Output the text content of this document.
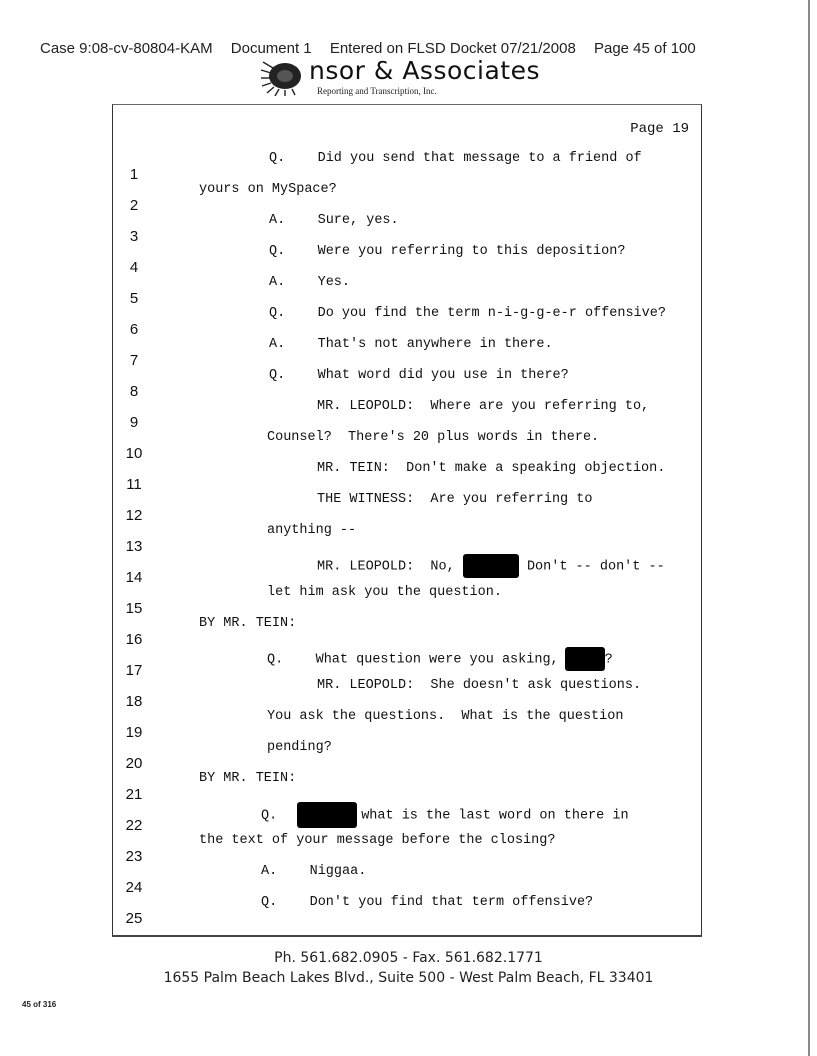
Case 9:08-cv-80804-KAM Document 1 Entered on FLSD Docket 07/21/2008 Page 45 of 100
nsor & Associates
Reporting and Transcription, Inc.
Page 19

1

Q.    Did you send that message to a friend of

2

yours on MySpace?

3

A.    Sure, yes.

4

Q.    Were you referring to this deposition?

5

A.    Yes.

6

Q.    Do you find the term n-i-g-g-e-r offensive?

7

A.    That's not anywhere in there.

8

Q.    What word did you use in there?

9

MR. LEOPOLD:  Where are you referring to,

10

Counsel?  There's 20 plus words in there.

11

MR. TEIN:  Don't make a speaking objection.

12

THE WITNESS:  Are you referring to

13

anything --

14

MR. LEOPOLD:  No,	Don't -- don't --

15

let him ask you the question.

16

BY MR. TEIN:

17

Q.    What question were you asking,	?

18

MR. LEOPOLD:  She doesn't ask questions.

19

You ask the questions.  What is the question

20

pending?

21

BY MR. TEIN:

22

Q.	what is the last word on there in

23

the text of your message before the closing?

24

A.    Niggaa.

25

Q.    Don't you find that term offensive?

Ph. 561.682.0905 - Fax. 561.682.1771
1655 Palm Beach Lakes Blvd., Suite 500 - West Palm Beach, FL 33401
45 of 316
